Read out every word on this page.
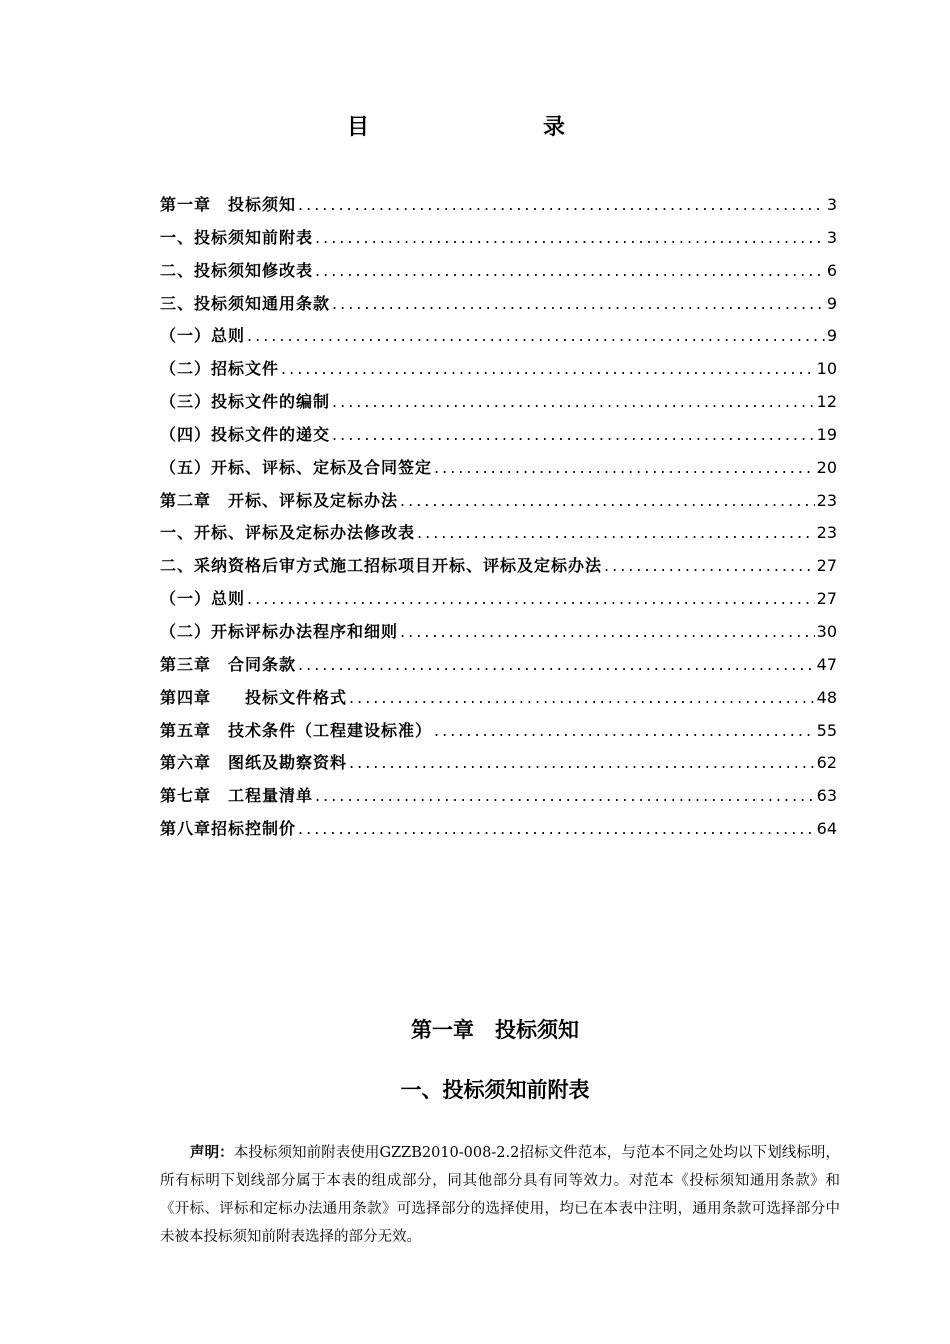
目　录
第一章　投标须知 .....	3
一、投标须知前附表 .....	3
二、投标须知修改表 .....	6
三、投标须知通用条款 .....	9
（一）总则 .....	9
（二）招标文件 .....	10
（三）投标文件的编制 .....	12
（四）投标文件的递交 .....	19
（五）开标、评标、定标及合同签定 .....	20
第二章　开标、评标及定标办法 .....	23
一、开标、评标及定标办法修改表 .....	23
二、采纳资格后审方式施工招标项目开标、评标及定标办法 .....	27
（一）总则 .....	27
（二）开标评标办法程序和细则 .....	30
第三章　合同条款 .....	47
第四章　　投标文件格式 .....	48
第五章　技术条件（工程建设标准） .....	55
第六章　图纸及勘察资料 .....	62
第七章　工程量清单 .....	63
第八章招标控制价 .....	64
第一章　投标须知
一、投标须知前附表

声明：本投标须知前附表使用GZZB2010-008-2.2招标文件范本，与范本不同之处均以下划线标明，所有标明下划线部分属于本表的组成部分，同其他部分具有同等效力。对范本《投标须知通用条款》和《开标、评标和定标办法通用条款》可选择部分的选择使用，均已在本表中注明，通用条款可选择部分中未被本投标须知前附表选择的部分无效。
